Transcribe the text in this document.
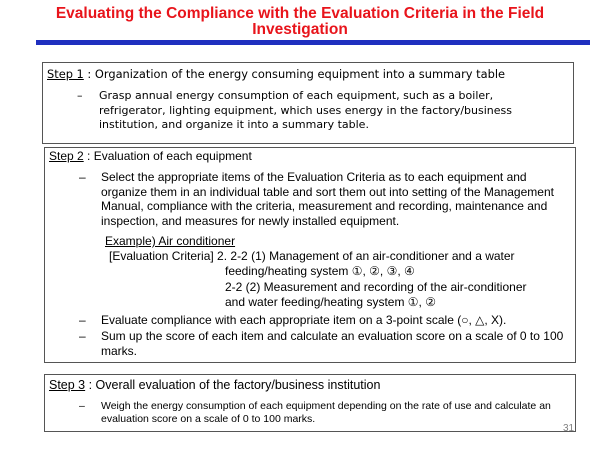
Evaluating the Compliance with the Evaluation Criteria in the Field Investigation
Step 1 : Organization of the energy consuming equipment into a summary table
– Grasp annual energy consumption of each equipment, such as a boiler, refrigerator, lighting equipment, which uses energy in the factory/business institution, and organize it into a summary table.
Step 2 : Evaluation of each equipment
– Select the appropriate items of the Evaluation Criteria as to each equipment and organize them in an individual table and sort them out into setting of the Management Manual, compliance with the criteria, measurement and recording, maintenance and inspection, and measures for newly installed equipment.
Example) Air conditioner
[Evaluation Criteria] 2. 2-2 (1) Management of an air-conditioner and a water
feeding/heating system ①, ②, ③, ④
2-2 (2) Measurement and recording of the air-conditioner
and water feeding/heating system ①, ②
– Evaluate compliance with each appropriate item on a 3-point scale (○, △, X).
– Sum up the score of each item and calculate an evaluation score on a scale of 0 to 100 marks.
Step 3 : Overall evaluation of the factory/business institution
– Weigh the energy consumption of each equipment depending on the rate of use and calculate an evaluation score on a scale of 0 to 100 marks.
31
